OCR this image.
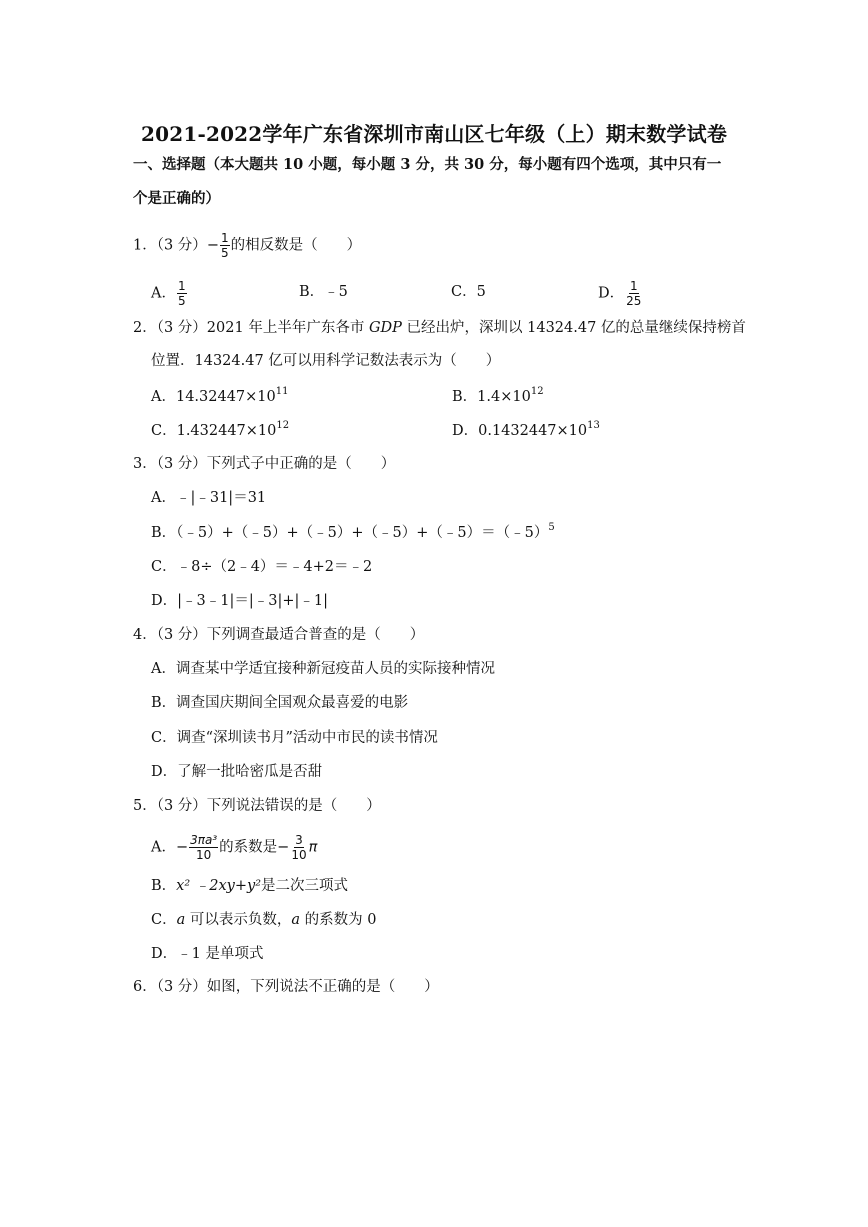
2021-2022学年广东省深圳市南山区七年级（上）期末数学试卷
一、选择题（本大题共 10 小题，每小题 3 分，共 30 分，每小题有四个选项，其中只有一
个是正确的）
1．（3 分）− $\frac{1}{5}$ 的相反数是（　　）
A． $\frac{1}{5}$	B．﹣5	C．5	D． $\frac{1}{25}$
2．（3 分）2021 年上半年广东各市 GDP 已经出炉，深圳以 14324.47 亿的总量继续保持榜首
位置．14324.47 亿可以用科学记数法表示为（　　）
A．$14.32447\times 10^{11}$	B．$1.4\times 10^{12}$
C．$1.432447\times 10^{12}$	D．$0.1432447\times 10^{13}$
3．（3 分）下列式子中正确的是（　　）
A．﹣|﹣31|＝31
B．（﹣5）+（﹣5）+（﹣5）+（﹣5）+（﹣5）＝（﹣5）$^5$
C．﹣8÷（2﹣4）＝﹣4+2＝﹣2
D．|﹣3﹣1|＝|﹣3|+|﹣1|
4．（3 分）下列调查最适合普查的是（　　）
A．调查某中学适宜接种新冠疫苗人员的实际接种情况
B．调查国庆期间全国观众最喜爱的电影
C．调查“深圳读书月”活动中市民的读书情况
D．了解一批哈密瓜是否甜
5．（3 分）下列说法错误的是（　　）
A．− $\frac{\text{3πa³}}{10}$ 的系数是− $\frac{3}{10}$ π
B．x² ﹣2xy+y²是二次三项式
C．a 可以表示负数，a 的系数为 0
D．﹣1 是单项式
6．（3 分）如图，下列说法不正确的是（　　）
